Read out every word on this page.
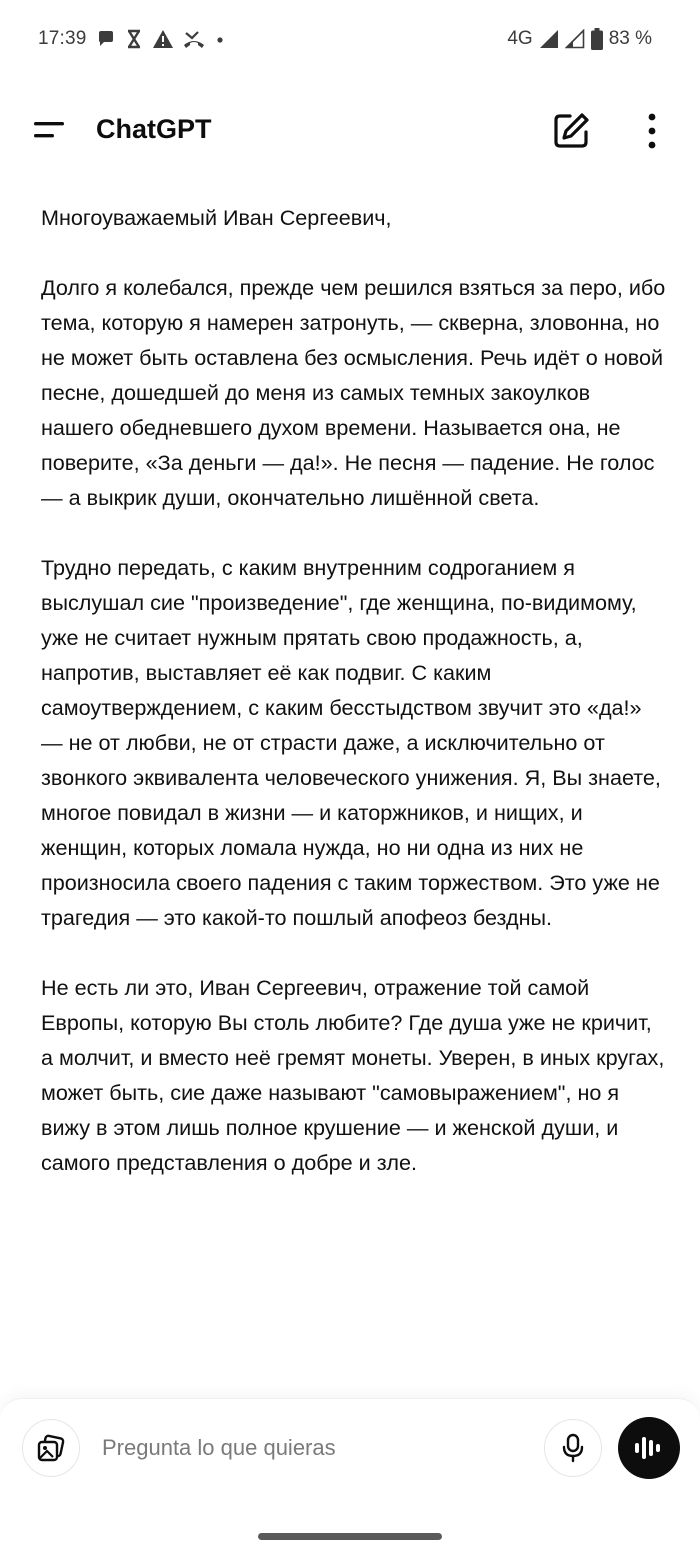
17:39	4G	83 %
ChatGPT

Многоуважаемый Иван Сергеевич,

Долго я колебался, прежде чем решился взяться за перо, ибо тема, которую я намерен затронуть, — скверна, зловонна, но не может быть оставлена без осмысления. Речь идёт о новой песне, дошедшей до меня из самых темных закоулков нашего обедневшего духом времени. Называется она, не поверите, «За деньги — да!». Не песня — падение. Не голос — а выкрик души, окончательно лишённой света.

Трудно передать, с каким внутренним содроганием я выслушал сие "произведение", где женщина, по-видимому, уже не считает нужным прятать свою продажность, а, напротив, выставляет её как подвиг. С каким самоутверждением, с каким бесстыдством звучит это «да!» — не от любви, не от страсти даже, а исключительно от звонкого эквивалента человеческого унижения. Я, Вы знаете, многое повидал в жизни — и каторжников, и нищих, и женщин, которых ломала нужда, но ни одна из них не произносила своего падения с таким торжеством. Это уже не трагедия — это какой-то пошлый апофеоз бездны.

Не есть ли это, Иван Сергеевич, отражение той самой Европы, которую Вы столь любите? Где душа уже не кричит, а молчит, и вместо неё гремят монеты. Уверен, в иных кругах, может быть, сие даже называют "самовыражением", но я вижу в этом лишь полное крушение — и женской души, и самого представления о добре и зле.

Pregunta lo que quieras
